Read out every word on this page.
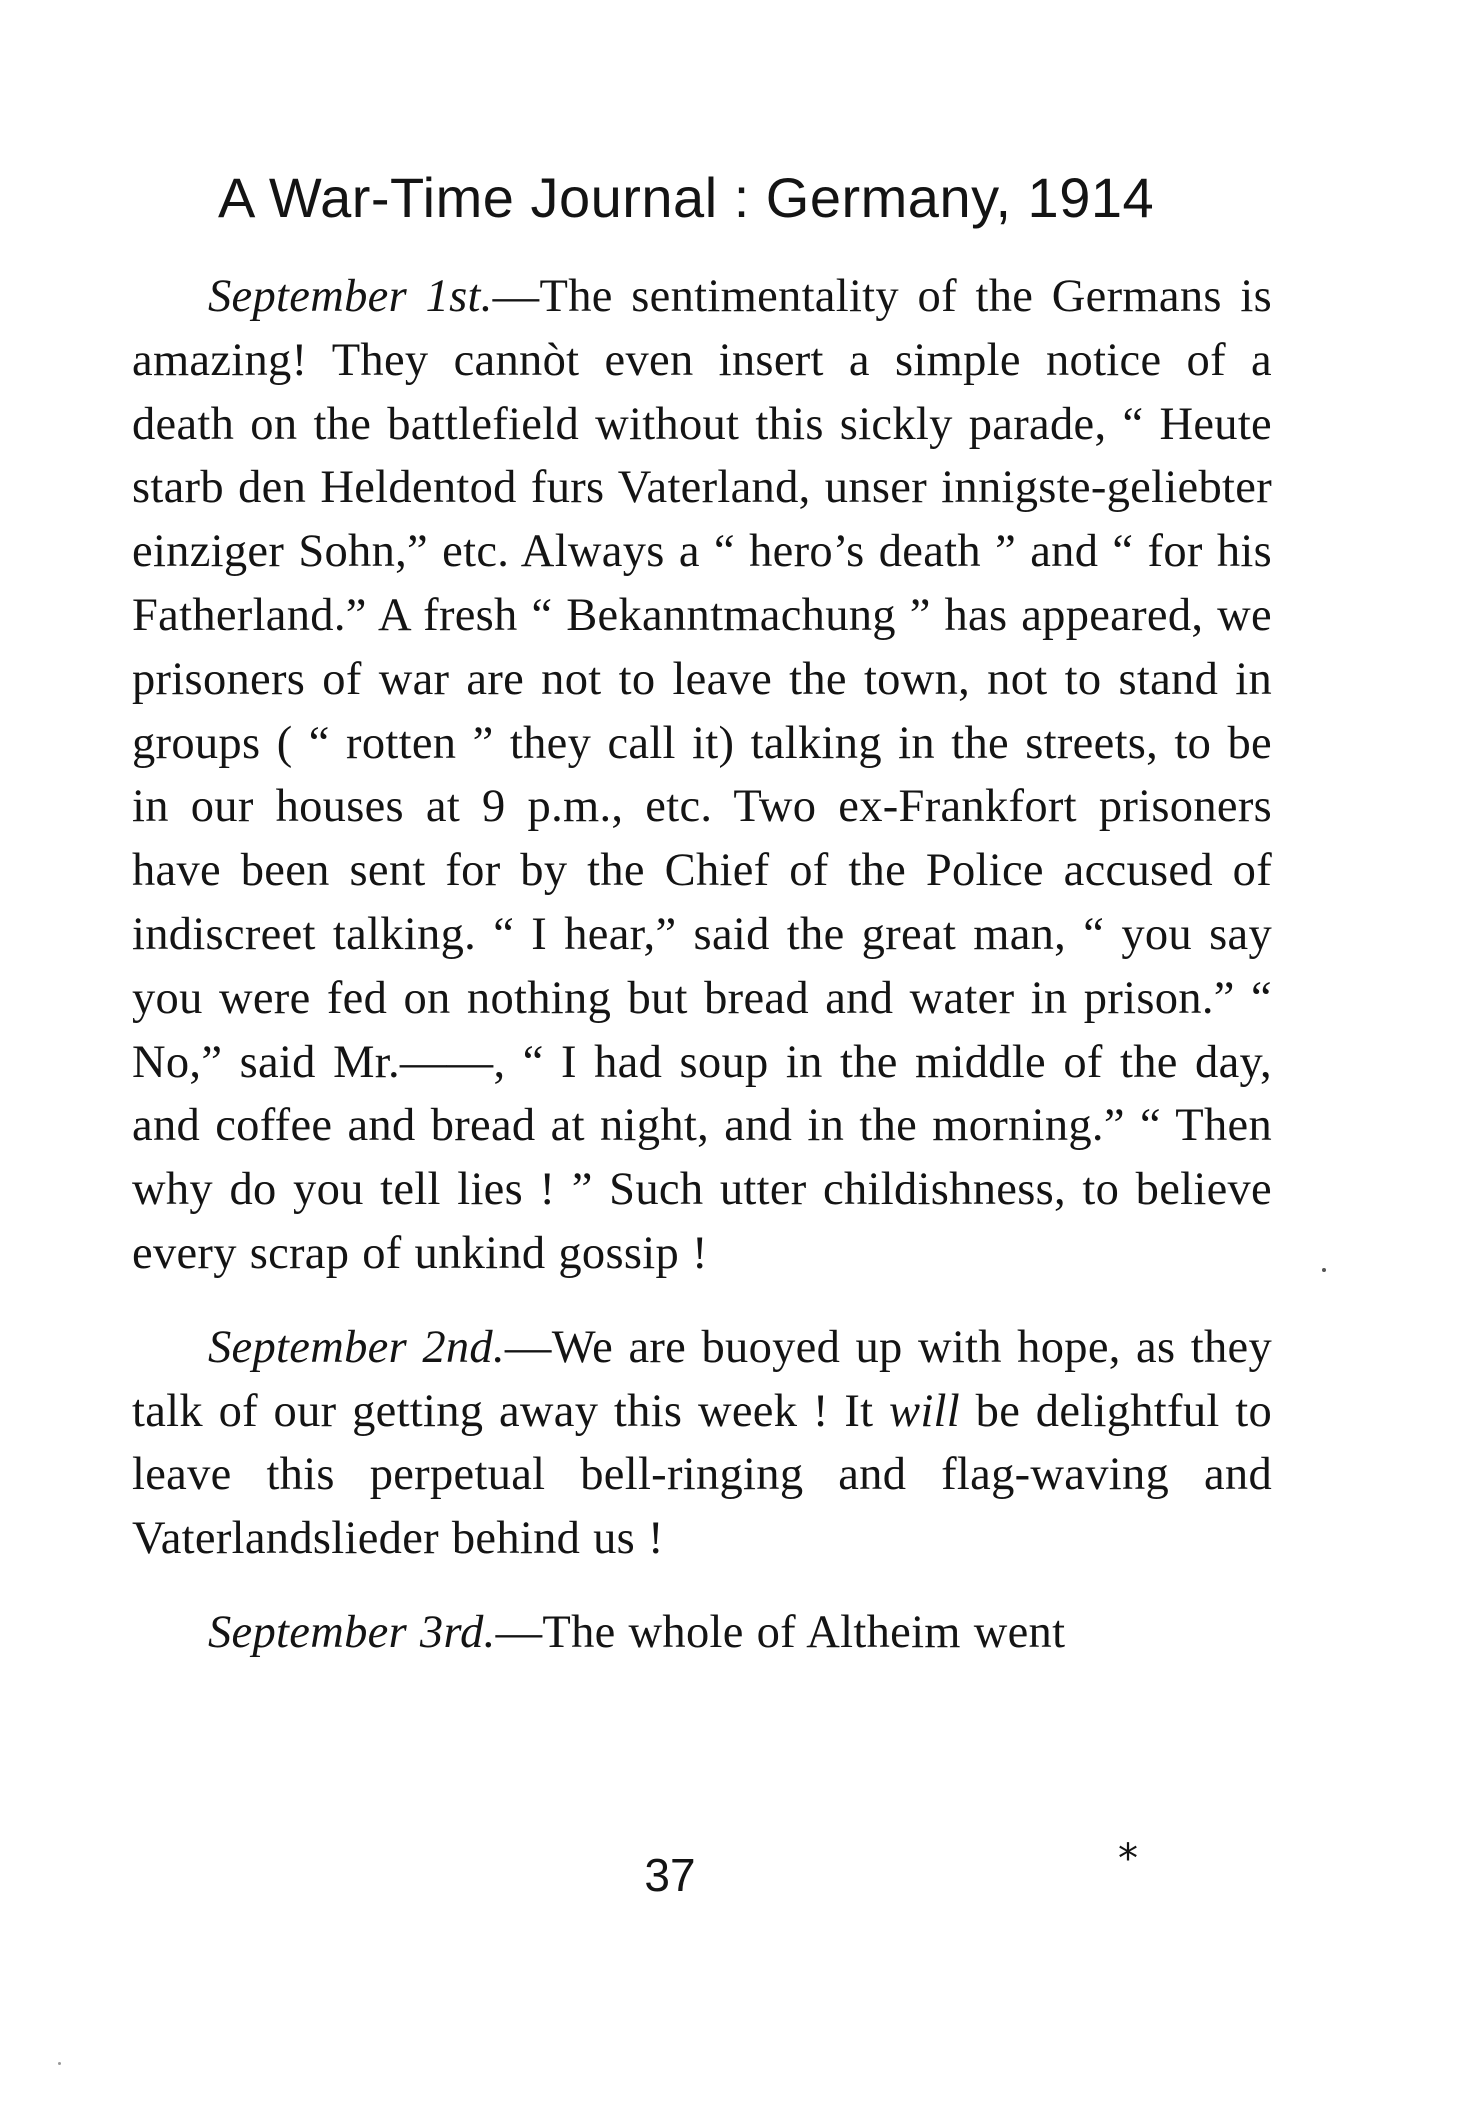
A War-Time Journal : Germany, 1914

September 1st.—The sentimentality of the Germans is amazing! They cannòt even insert a simple notice of a death on the battlefield without this sickly parade, “ Heute starb den Heldentod furs Vaterland, unser innigste-geliebter einziger Sohn,” etc. Always a “ hero’s death ” and “ for his Fatherland.” A fresh “ Bekanntmachung ” has appeared, we prisoners of war are not to leave the town, not to stand in groups ( “ rotten ” they call it) talking in the streets, to be in our houses at 9 p.m., etc. Two ex-Frankfort prisoners have been sent for by the Chief of the Police accused of indiscreet talking. “ I hear,” said the great man, “ you say you were fed on nothing but bread and water in prison.” “ No,” said Mr.——, “ I had soup in the middle of the day, and coffee and bread at night, and in the morning.” “ Then why do you tell lies ! ” Such utter childishness, to believe every scrap of unkind gossip !

September 2nd.—We are buoyed up with hope, as they talk of our getting away this week ! It will be delightful to leave this perpetual bell-ringing and flag-waving and Vaterlandslieder behind us !

September 3rd.—The whole of Altheim went

37	*
